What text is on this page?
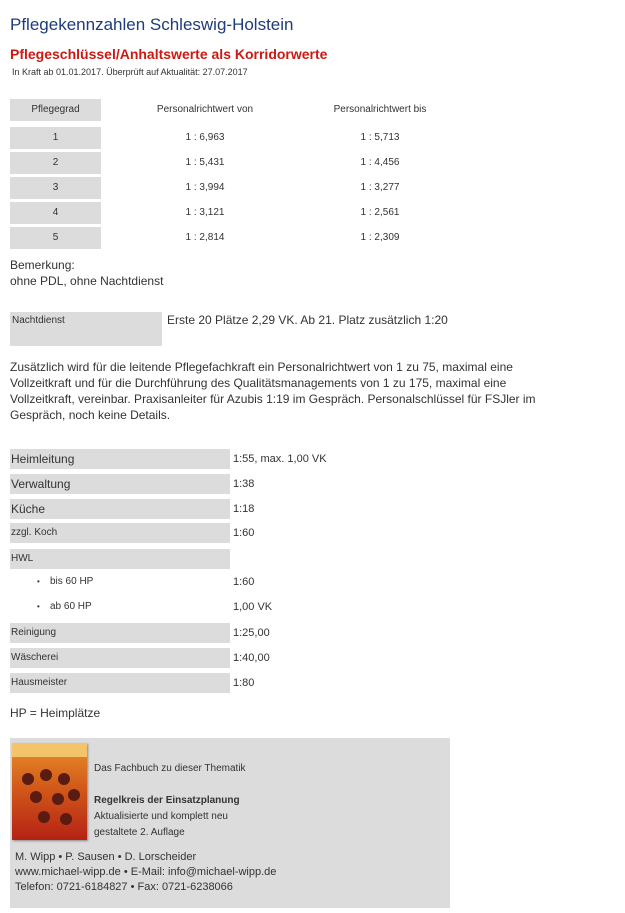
Pflegekennzahlen Schleswig-Holstein
Pflegeschlüssel/Anhaltswerte als Korridorwerte
In Kraft ab 01.01.2017. Überprüft auf Aktualität: 27.07.2017
Pflegegrad	Personalrichtwert von	Personalrichtwert bis
1	1 : 6,963	1 : 5,713
2	1 : 5,431	1 : 4,456
3	1 : 3,994	1 : 3,277
4	1 : 3,121	1 : 2,561
5	1 : 2,814	1 : 2,309
Bemerkung:
ohne PDL, ohne Nachtdienst
Nachtdienst	Erste 20 Plätze 2,29 VK. Ab 21. Platz zusätzlich 1:20
Zusätzlich wird für die leitende Pflegefachkraft ein Personalrichtwert von 1 zu 75, maximal eine Vollzeitkraft und für die Durchführung des Qualitätsmanagements von 1 zu 175, maximal eine Vollzeitkraft, vereinbar. Praxisanleiter für Azubis 1:19 im Gespräch. Personalschlüssel für FSJler im Gespräch, noch keine Details.
Heimleitung	1:55, max. 1,00 VK
Verwaltung	1:38
Küche	1:18
zzgl. Koch	1:60
HWL
• bis 60 HP	1:60
• ab 60 HP	1,00 VK
Reinigung	1:25,00
Wäscherei	1:40,00
Hausmeister	1:80
HP = Heimplätze
Das Fachbuch zu dieser Thematik
Regelkreis der Einsatzplanung
Aktualisierte und komplett neu
gestaltete 2. Auflage
M. Wipp • P. Sausen • D. Lorscheider
www.michael-wipp.de • E-Mail: info@michael-wipp.de
Telefon: 0721-6184827 • Fax: 0721-6238066
